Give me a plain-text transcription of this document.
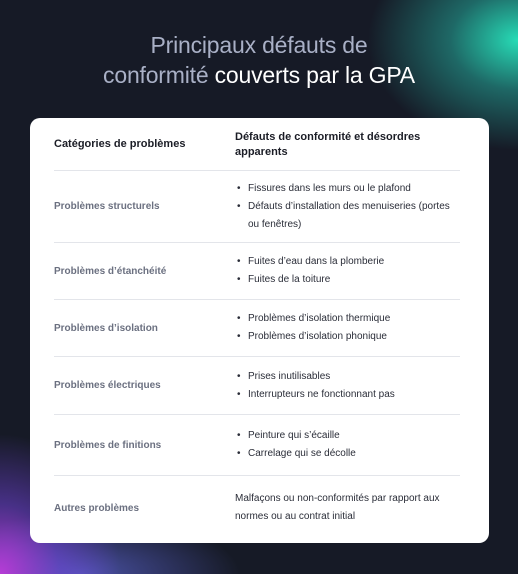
Principaux défauts de
conformité couverts par la GPA
Catégories de problèmes
Défauts de conformité et désordres apparents
Problèmes structurels
• Fissures dans les murs ou le plafond
• Défauts d’installation des menuiseries (portes ou fenêtres)
Problèmes d’étanchéité
• Fuites d’eau dans la plomberie
• Fuites de la toiture
Problèmes d’isolation
• Problèmes d’isolation thermique
• Problèmes d’isolation phonique
Problèmes électriques
• Prises inutilisables
• Interrupteurs ne fonctionnant pas
Problèmes de finitions
• Peinture qui s’écaille
• Carrelage qui se décolle
Autres problèmes
Malfaçons ou non-conformités par rapport aux normes ou au contrat initial
